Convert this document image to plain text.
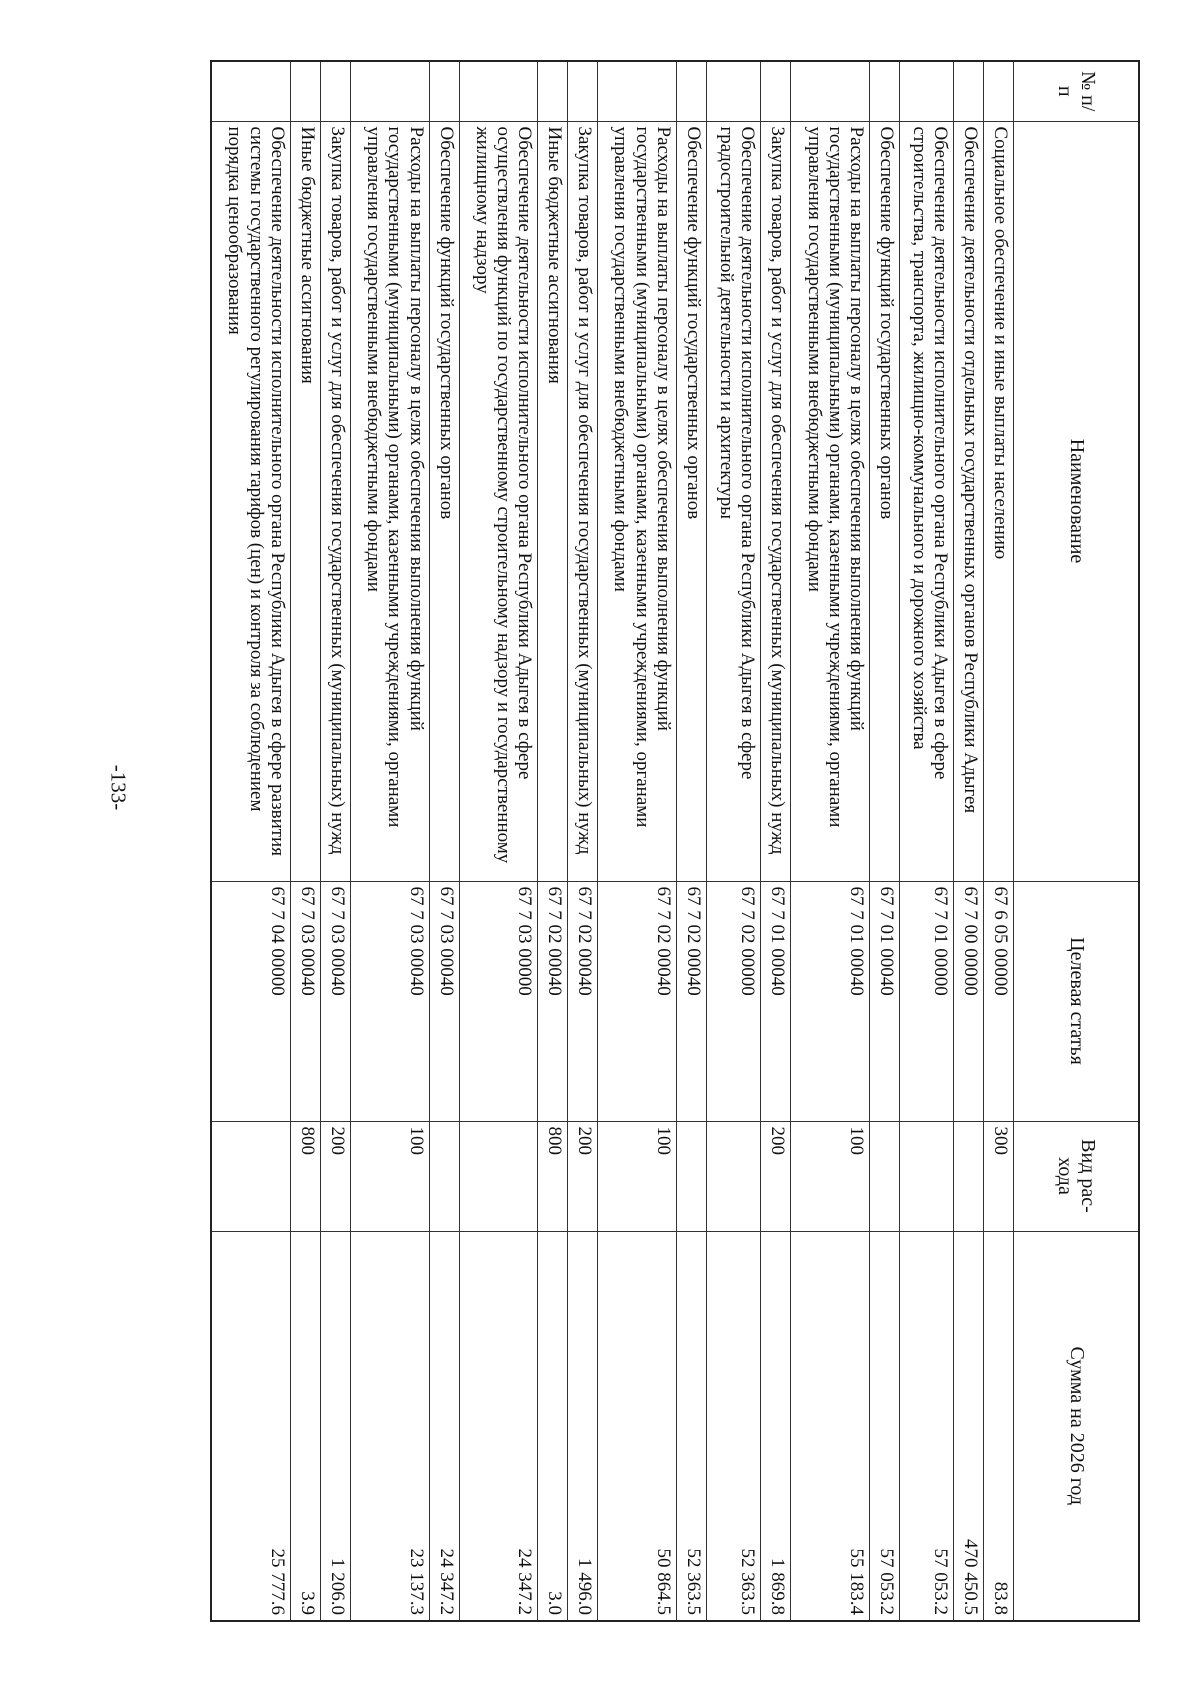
-133-
№ п/п	Наименование	Целевая статья	Вид рас- хода	Сумма на 2026 год
	Социальное обеспечение и иные выплаты населению	67 6 05 00000	300	83.8
	Обеспечение деятельности отдельных государственных органов Республики Адыгея	67 7 00 00000		470 450.5
	Обеспечение деятельности исполнительного органа Республики Адыгея в сфере строительства, транспорта, жилищно-коммунального и дорожного хозяйства	67 7 01 00000		57 053.2
	Обеспечение функций государственных органов	67 7 01 00040		57 053.2
	Расходы на выплаты персоналу в целях обеспечения выполнения функций государственными (муниципальными) органами, казенными учреждениями, органами управления государственными внебюджетными фондами	67 7 01 00040	100	55 183.4
	Закупка товаров, работ и услуг для обеспечения государственных (муниципальных) нужд	67 7 01 00040	200	1 869.8
	Обеспечение деятельности исполнительного органа Республики Адыгея в сфере градостроительной деятельности и архитектуры	67 7 02 00000		52 363.5
	Обеспечение функций государственных органов	67 7 02 00040		52 363.5
	Расходы на выплаты персоналу в целях обеспечения выполнения функций государственными (муниципальными) органами, казенными учреждениями, органами управления государственными внебюджетными фондами	67 7 02 00040	100	50 864.5
	Закупка товаров, работ и услуг для обеспечения государственных (муниципальных) нужд	67 7 02 00040	200	1 496.0
	Иные бюджетные ассигнования	67 7 02 00040	800	3.0
	Обеспечение деятельности исполнительного органа Республики Адыгея в сфере осуществления функций по государственному строительному надзору и государственному жилищному надзору	67 7 03 00000		24 347.2
	Обеспечение функций государственных органов	67 7 03 00040		24 347.2
	Расходы на выплаты персоналу в целях обеспечения выполнения функций государственными (муниципальными) органами, казенными учреждениями, органами управления государственными внебюджетными фондами	67 7 03 00040	100	23 137.3
	Закупка товаров, работ и услуг для обеспечения государственных (муниципальных) нужд	67 7 03 00040	200	1 206.0
	Иные бюджетные ассигнования	67 7 03 00040	800	3.9
	Обеспечение деятельности исполнительного органа Республики Адыгея в сфере развития системы государственного регулирования тарифов (цен) и контроля за соблюдением порядка ценообразования	67 7 04 00000		25 777.6
